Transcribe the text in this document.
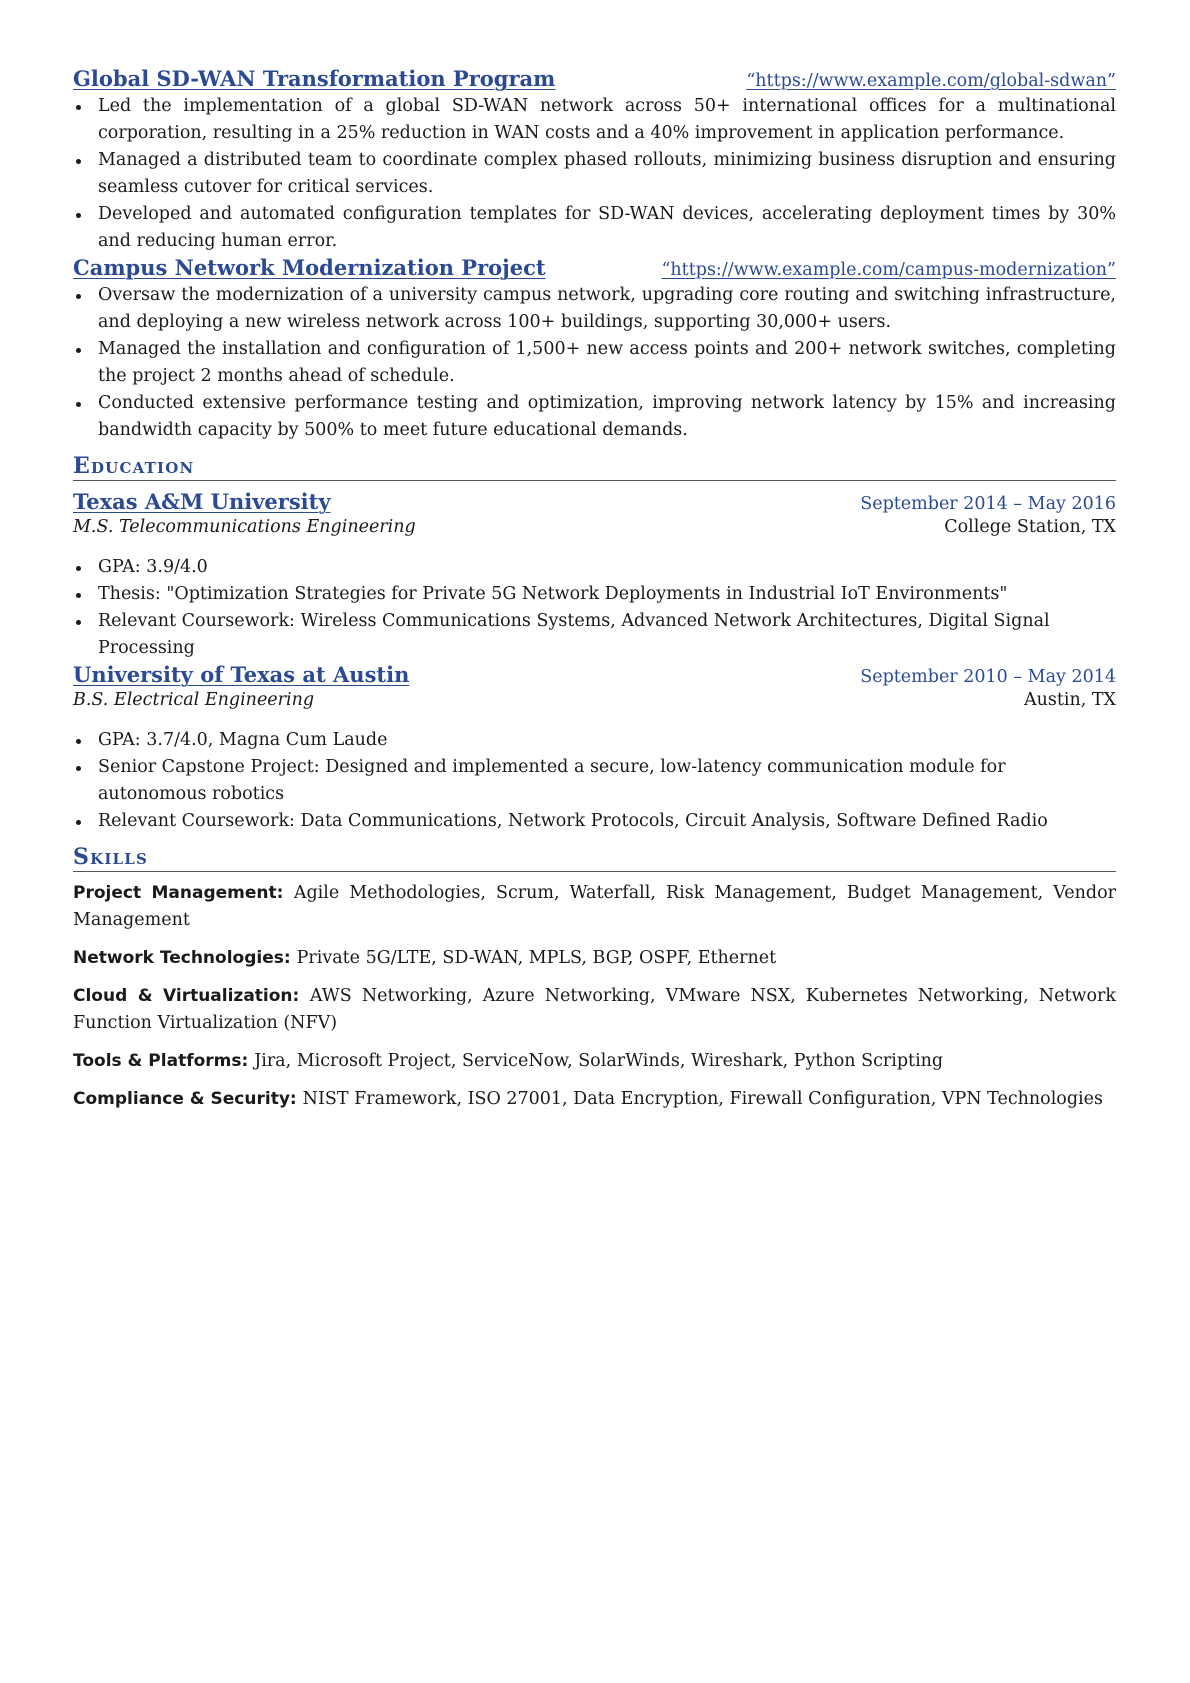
Global SD-WAN Transformation Program	“https://www.example.com/global-sdwan”
Led the implementation of a global SD-WAN network across 50+ international offices for a multinational corporation, resulting in a 25% reduction in WAN costs and a 40% improvement in application performance.
Managed a distributed team to coordinate complex phased rollouts, minimizing business disruption and ensuring seamless cutover for critical services.
Developed and automated configuration templates for SD-WAN devices, accelerating deployment times by 30% and reducing human error.
Campus Network Modernization Project	“https://www.example.com/campus-modernization”
Oversaw the modernization of a university campus network, upgrading core routing and switching infrastructure, and deploying a new wireless network across 100+ buildings, supporting 30,000+ users.
Managed the installation and configuration of 1,500+ new access points and 200+ network switches, completing the project 2 months ahead of schedule.
Conducted extensive performance testing and optimization, improving network latency by 15% and increasing bandwidth capacity by 500% to meet future educational demands.
Education
Texas A&M University	September 2014 – May 2016
M.S. Telecommunications Engineering	College Station, TX
GPA: 3.9/4.0
Thesis: "Optimization Strategies for Private 5G Network Deployments in Industrial IoT Environments"
Relevant Coursework: Wireless Communications Systems, Advanced Network Architectures, Digital Signal Processing
University of Texas at Austin	September 2010 – May 2014
B.S. Electrical Engineering	Austin, TX
GPA: 3.7/4.0, Magna Cum Laude
Senior Capstone Project: Designed and implemented a secure, low-latency communication module for autonomous robotics
Relevant Coursework: Data Communications, Network Protocols, Circuit Analysis, Software Defined Radio
Skills
Project Management: Agile Methodologies, Scrum, Waterfall, Risk Management, Budget Management, Vendor Management
Network Technologies: Private 5G/LTE, SD-WAN, MPLS, BGP, OSPF, Ethernet
Cloud & Virtualization: AWS Networking, Azure Networking, VMware NSX, Kubernetes Networking, Network Function Virtualization (NFV)
Tools & Platforms: Jira, Microsoft Project, ServiceNow, SolarWinds, Wireshark, Python Scripting
Compliance & Security: NIST Framework, ISO 27001, Data Encryption, Firewall Configuration, VPN Technologies
